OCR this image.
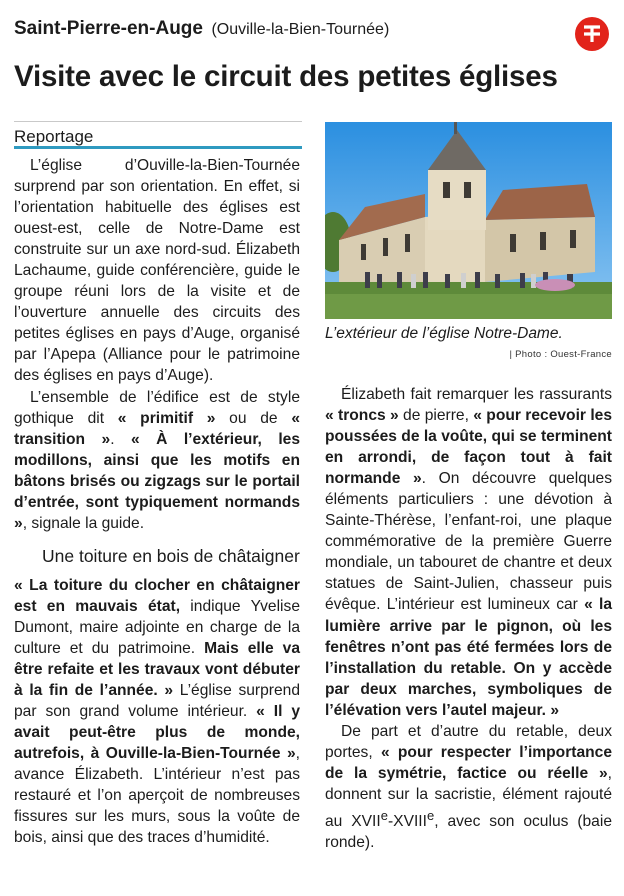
Saint-Pierre-en-Auge (Ouville-la-Bien-Tournée)
Visite avec le circuit des petites églises
Reportage

L’église d’Ouville-la-Bien-Tournée surprend par son orientation. En effet, si l’orientation habituelle des églises est ouest-est, celle de Notre-Dame est construite sur un axe nord-sud. Élizabeth Lachaume, guide conférencière, guide le groupe réuni lors de la visite et de l’ouverture annuelle des circuits des petites églises en pays d’Auge, organisé par l’Apepa (Alliance pour le patrimoine des églises en pays d’Auge).

L’ensemble de l’édifice est de style gothique dit « primitif » ou de « transition ». « À l’extérieur, les modillons, ainsi que les motifs en bâtons brisés ou zigzags sur le portail d’entrée, sont typiquement normands », signale la guide.

Une toiture en bois de châtaigner

« La toiture du clocher en châtaigner est en mauvais état, indique Yvelise Dumont, maire adjointe en charge de la culture et du patrimoine. Mais elle va être refaite et les travaux vont débuter à la fin de l’année. » L’église surprend par son grand volume intérieur. « Il y avait peut-être plus de monde, autrefois, à Ouville-la-Bien-Tournée », avance Élizabeth. L’intérieur n’est pas restauré et l’on aperçoit de nombreuses fissures sur les murs, sous la voûte de bois, ainsi que des traces d’humidité.

L’extérieur de l’église Notre-Dame.
| Photo : Ouest-France

Élizabeth fait remarquer les rassurants « troncs » de pierre, « pour recevoir les poussées de la voûte, qui se terminent en arrondi, de façon tout à fait normande ». On découvre quelques éléments particuliers : une dévotion à Sainte-Thérèse, l’enfant-roi, une plaque commémorative de la première Guerre mondiale, un tabouret de chantre et deux statues de Saint-Julien, chasseur puis évêque. L’intérieur est lumineux car « la lumière arrive par le pignon, où les fenêtres n’ont pas été fermées lors de l’installation du retable. On y accède par deux marches, symboliques de l’élévation vers l’autel majeur. »

De part et d’autre du retable, deux portes, « pour respecter l’importance de la symétrie, factice ou réelle », donnent sur la sacristie, élément rajouté au XVIIe-XVIIIe, avec son oculus (baie ronde).
